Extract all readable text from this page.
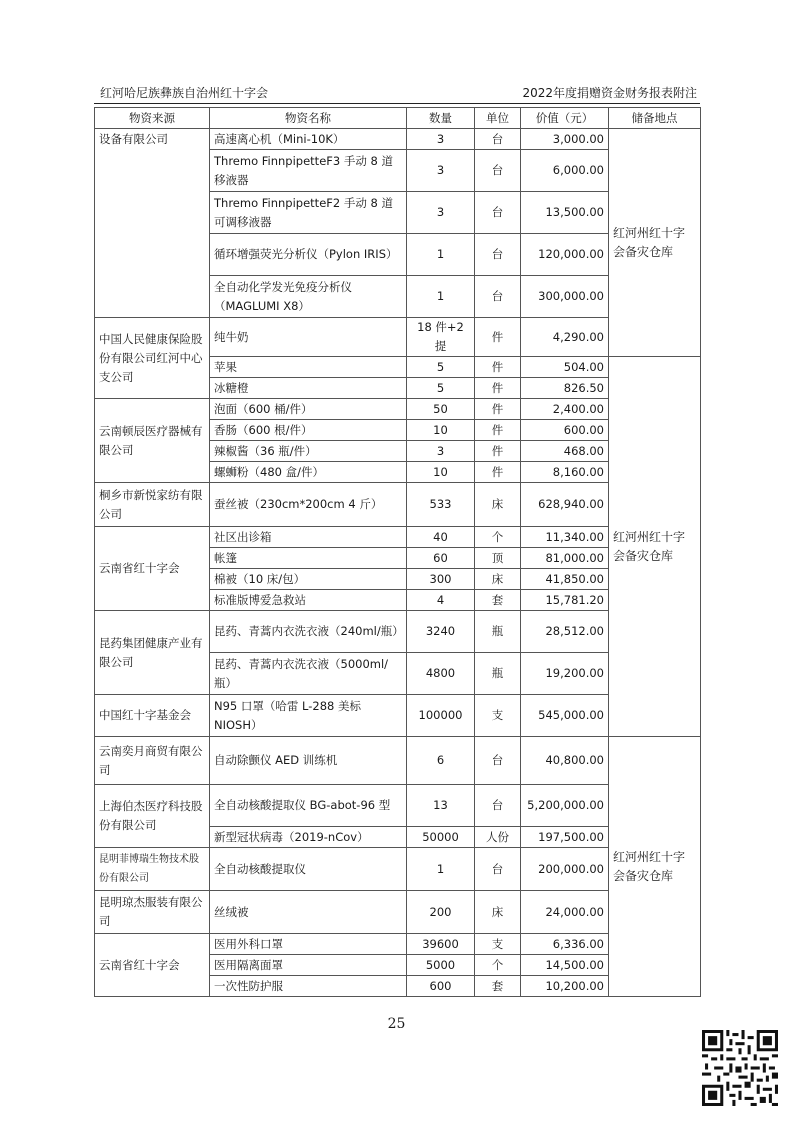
红河哈尼族彝族自治州红十字会	2022年度捐赠资金财务报表附注
物资来源	物资名称	数量	单位	价值（元）	储备地点
设备有限公司	高速离心机（Mini-10K）	3	台	3,000.00	红河州红十字会备灾仓库
	Thremo FinnpipetteF3 手动 8 道移液器	3	台	6,000.00	
	Thremo FinnpipetteF2 手动 8 道可调移液器	3	台	13,500.00	
	循环增强荧光分析仪（Pylon IRIS）	1	台	120,000.00	
	全自动化学发光免疫分析仪（MAGLUMI X8）	1	台	300,000.00	
中国人民健康保险股份有限公司红河中心支公司	纯牛奶	18 件+2 提	件	4,290.00	
	苹果	5	件	504.00	红河州红十字会备灾仓库
	冰糖橙	5	件	826.50	
云南顿辰医疗器械有限公司	泡面（600 桶/件）	50	件	2,400.00	
	香肠（600 根/件）	10	件	600.00	
	辣椒酱（36 瓶/件）	3	件	468.00	
	螺蛳粉（480 盒/件）	10	件	8,160.00	
桐乡市新悦家纺有限公司	蚕丝被（230cm*200cm 4 斤）	533	床	628,940.00	
云南省红十字会	社区出诊箱	40	个	11,340.00	
	帐篷	60	顶	81,000.00	
	棉被（10 床/包）	300	床	41,850.00	
	标准版博爱急救站	4	套	15,781.20	
昆药集团健康产业有限公司	昆药、青蒿内衣洗衣液（240ml/瓶）	3240	瓶	28,512.00	
	昆药、青蒿内衣洗衣液（5000ml/瓶）	4800	瓶	19,200.00	
中国红十字基金会	N95 口罩（哈雷 L-288 美标 NIOSH）	100000	支	545,000.00	
云南奕月商贸有限公司	自动除颤仪 AED 训练机	6	台	40,800.00	红河州红十字会备灾仓库
上海伯杰医疗科技股份有限公司	全自动核酸提取仪 BG-abot-96 型	13	台	5,200,000.00	
	新型冠状病毒（2019-nCov）	50000	人份	197,500.00	
昆明菲博瑞生物技术股份有限公司	全自动核酸提取仪	1	台	200,000.00	
昆明琼杰服装有限公司	丝绒被	200	床	24,000.00	
云南省红十字会	医用外科口罩	39600	支	6,336.00	
	医用隔离面罩	5000	个	14,500.00	
	一次性防护服	600	套	10,200.00	
25
